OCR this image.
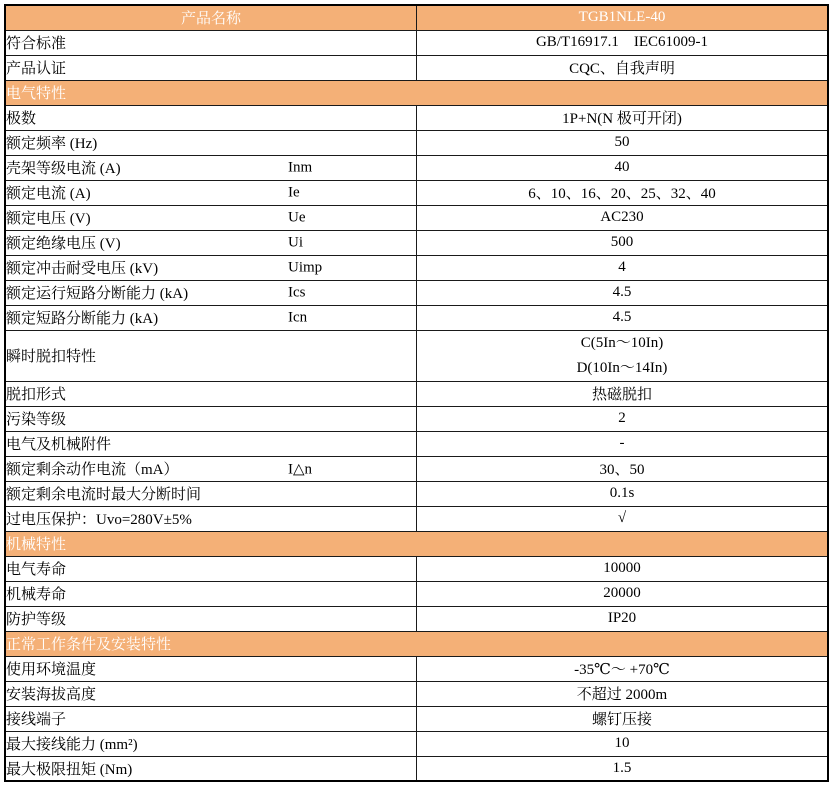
产品名称	TGB1NLE-40
符合标准	GB/T16917.1    IEC61009-1

产品认证	CQC、自我声明

电气特性	
极数	1P+N(N 极可开闭)

额定频率 (Hz)	50

壳架等级电流 (A) Inm	40

额定电流 (A) Ie	6、10、16、20、25、32、40

额定电压 (V) Ue	AC230

额定绝缘电压 (V) Ui	500

额定冲击耐受电压 (kV) Uimp	4

额定运行短路分断能力 (kA) Ics	4.5

额定短路分断能力 (kA) Icn	4.5

瞬时脱扣特性	C(5In～10In)
D(10In～14In)

脱扣形式	热磁脱扣

污染等级	2

电气及机械附件	-

额定剩余动作电流（mA） I△n	30、50

额定剩余电流时最大分断时间	0.1s

过电压保护：Uvo=280V±5%	√

机械特性	
电气寿命	10000

机械寿命	20000

防护等级	IP20

正常工作条件及安装特性	
使用环境温度	-35℃～ +70℃

安装海拔高度	不超过 2000m

接线端子	螺钉压接

最大接线能力 (mm²)	10

最大极限扭矩 (Nm)	1.5
